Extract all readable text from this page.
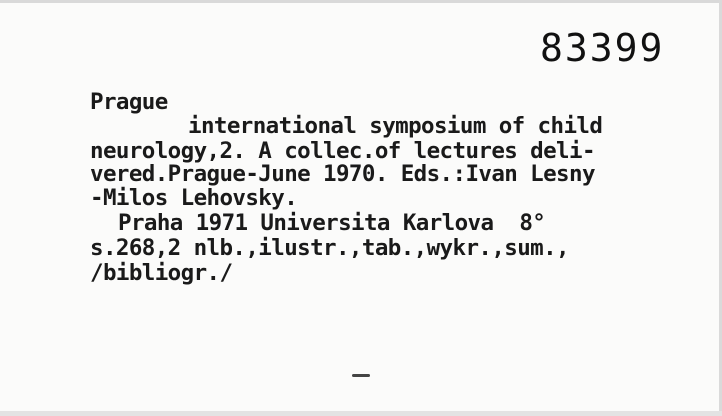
83399
Prague
international symposium of child
neurology,2. A collec.of lectures deli-
vered.Prague-June 1970. Eds.:Ivan Lesny
-Milos Lehovsky.
Praha 1971 Universita Karlova  8°
s.268,2 nlb.,ilustr.,tab.,wykr.,sum.,
/bibliogr./
